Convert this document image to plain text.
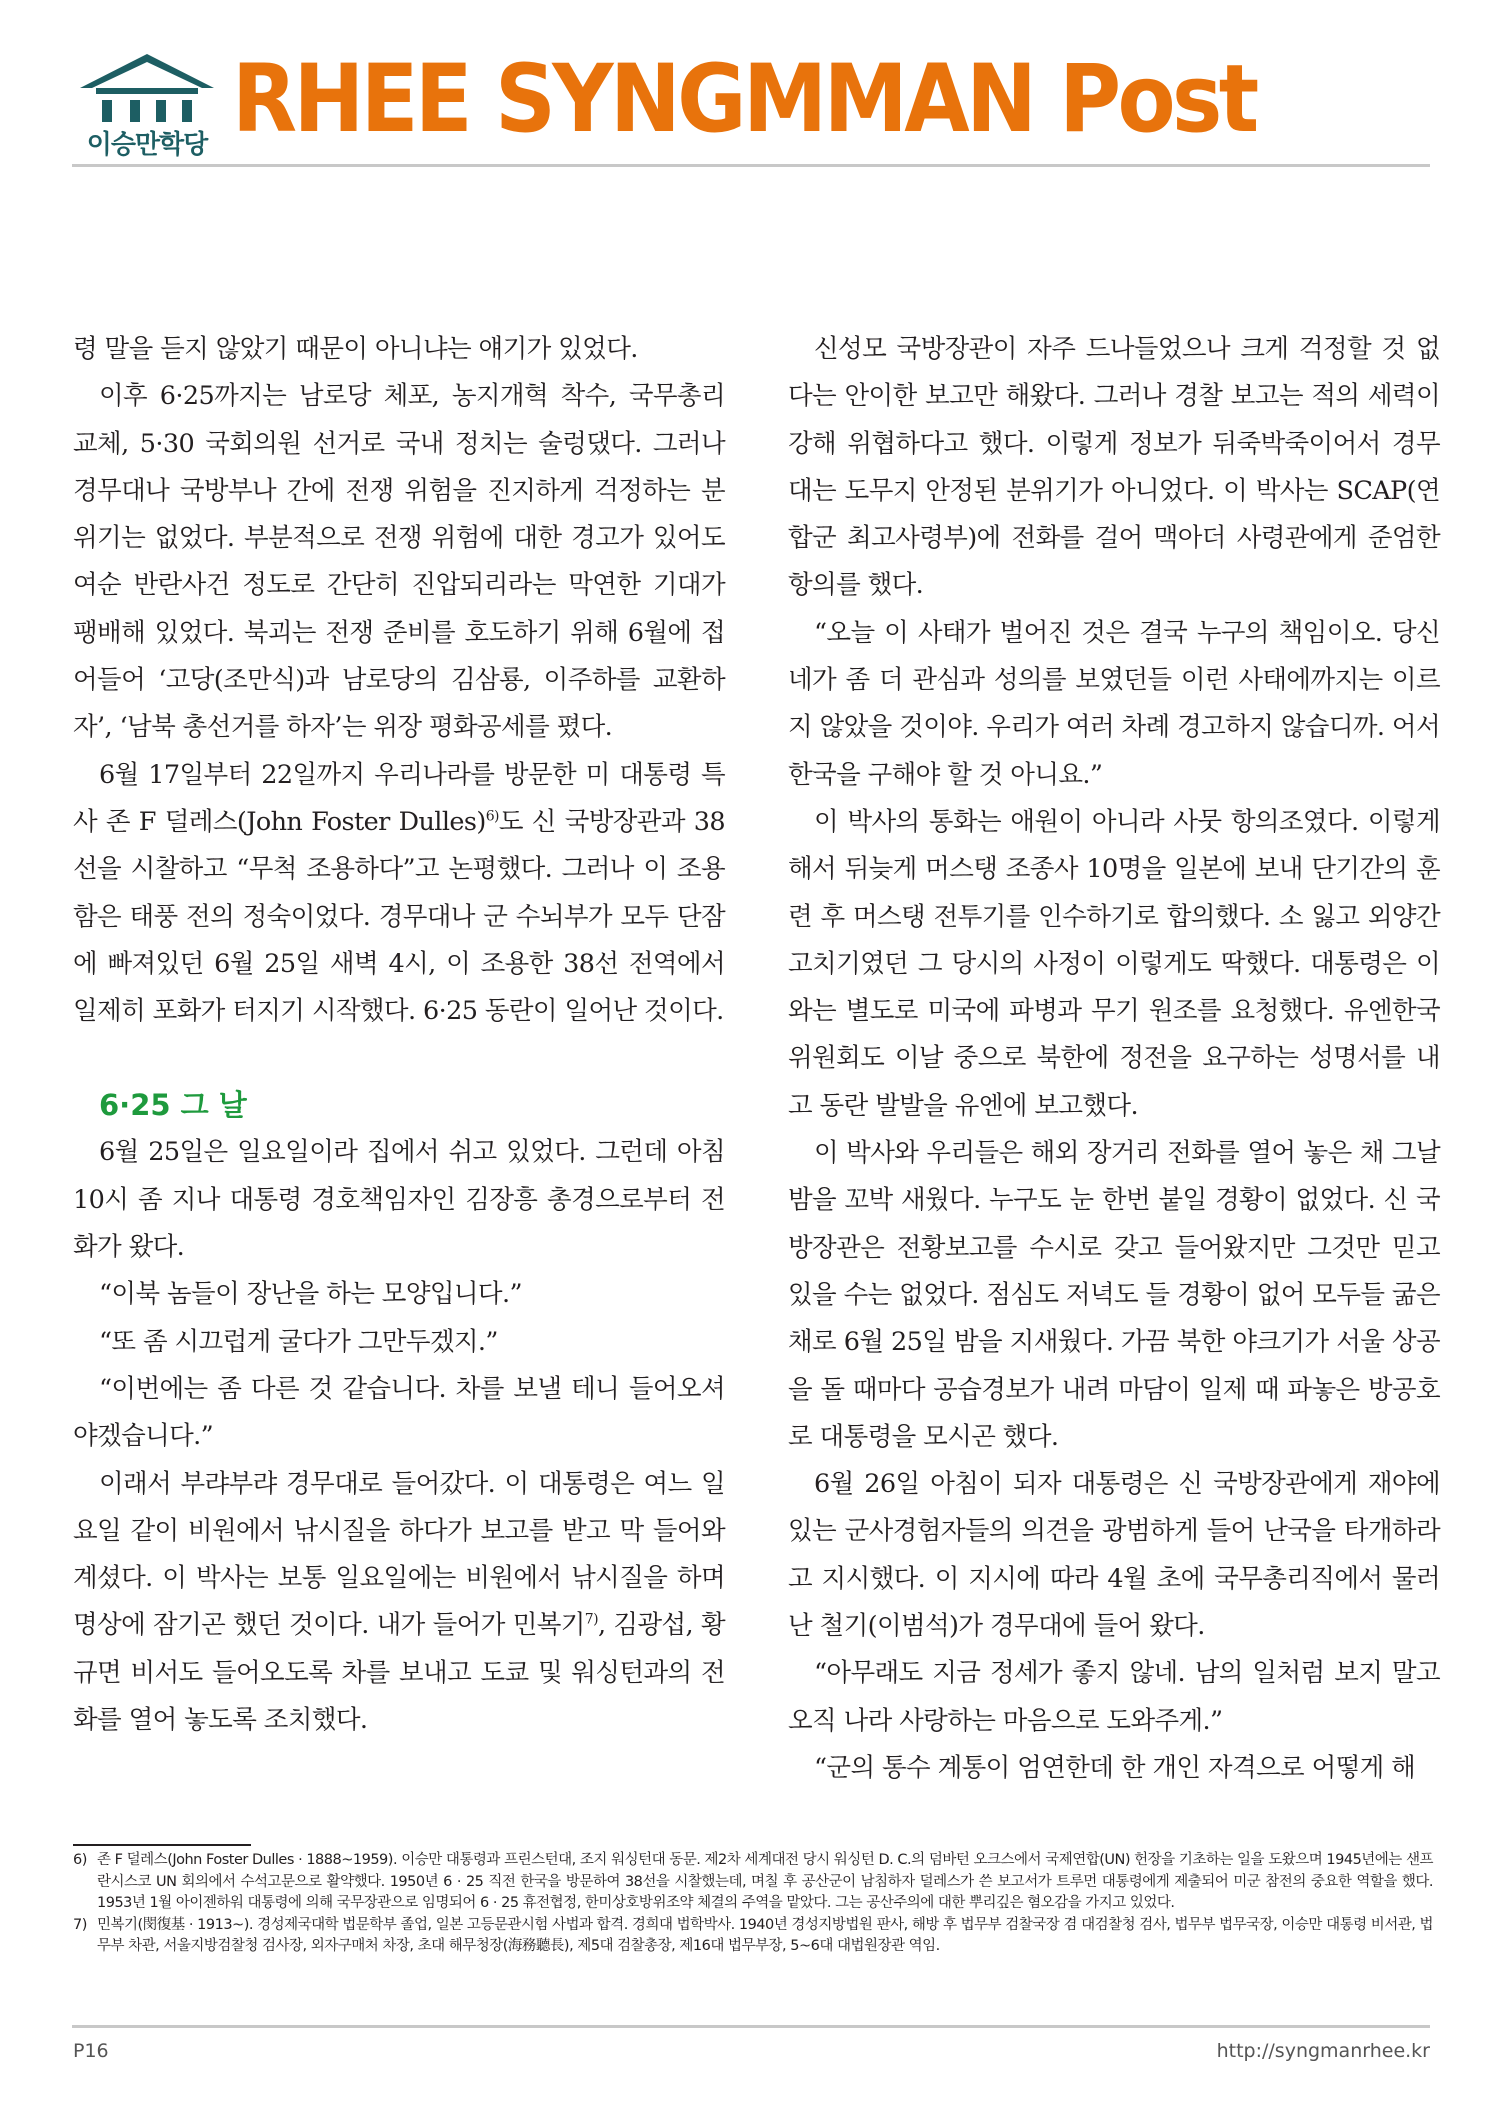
이승만학당 RHEE SYNGMMAN Post

령 말을 듣지 않았기 때문이 아니냐는 얘기가 있었다.

이후 6·25까지는 남로당 체포, 농지개혁 착수, 국무총리 교체, 5·30 국회의원 선거로 국내 정치는 술렁댔다. 그러나 경무대나 국방부나 간에 전쟁 위험을 진지하게 걱정하는 분위기는 없었다. 부분적으로 전쟁 위험에 대한 경고가 있어도 여순 반란사건 정도로 간단히 진압되리라는 막연한 기대가 팽배해 있었다. 북괴는 전쟁 준비를 호도하기 위해 6월에 접어들어 ‘고당(조만식)과 남로당의 김삼룡, 이주하를 교환하자’, ‘남북 총선거를 하자’는 위장 평화공세를 폈다.

6월 17일부터 22일까지 우리나라를 방문한 미 대통령 특사 존 F 덜레스(John Foster Dulles)$^{6)}$도 신 국방장관과 38선을 시찰하고 “무척 조용하다”고 논평했다. 그러나 이 조용함은 태풍 전의 정숙이었다. 경무대나 군 수뇌부가 모두 단잠에 빠져있던 6월 25일 새벽 4시, 이 조용한 38선 전역에서 일제히 포화가 터지기 시작했다. 6·25 동란이 일어난 것이다.

6·25 그 날

6월 25일은 일요일이라 집에서 쉬고 있었다. 그런데 아침 10시 좀 지나 대통령 경호책임자인 김장흥 총경으로부터 전화가 왔다.

“이북 놈들이 장난을 하는 모양입니다.”

“또 좀 시끄럽게 굴다가 그만두겠지.”

“이번에는 좀 다른 것 같습니다. 차를 보낼 테니 들어오셔야겠습니다.”

이래서 부랴부랴 경무대로 들어갔다. 이 대통령은 여느 일요일 같이 비원에서 낚시질을 하다가 보고를 받고 막 들어와 계셨다. 이 박사는 보통 일요일에는 비원에서 낚시질을 하며 명상에 잠기곤 했던 것이다. 내가 들어가 민복기$^{7)}$, 김광섭, 황규면 비서도 들어오도록 차를 보내고 도쿄 및 워싱턴과의 전화를 열어 놓도록 조치했다.

신성모 국방장관이 자주 드나들었으나 크게 걱정할 것 없다는 안이한 보고만 해왔다. 그러나 경찰 보고는 적의 세력이 강해 위협하다고 했다. 이렇게 정보가 뒤죽박죽이어서 경무대는 도무지 안정된 분위기가 아니었다. 이 박사는 SCAP(연합군 최고사령부)에 전화를 걸어 맥아더 사령관에게 준엄한 항의를 했다.

“오늘 이 사태가 벌어진 것은 결국 누구의 책임이오. 당신네가 좀 더 관심과 성의를 보였던들 이런 사태에까지는 이르지 않았을 것이야. 우리가 여러 차례 경고하지 않습디까. 어서 한국을 구해야 할 것 아니요.”

이 박사의 통화는 애원이 아니라 사뭇 항의조였다. 이렇게 해서 뒤늦게 머스탱 조종사 10명을 일본에 보내 단기간의 훈련 후 머스탱 전투기를 인수하기로 합의했다. 소 잃고 외양간 고치기였던 그 당시의 사정이 이렇게도 딱했다. 대통령은 이와는 별도로 미국에 파병과 무기 원조를 요청했다. 유엔한국위원회도 이날 중으로 북한에 정전을 요구하는 성명서를 내고 동란 발발을 유엔에 보고했다.

이 박사와 우리들은 해외 장거리 전화를 열어 놓은 채 그날 밤을 꼬박 새웠다. 누구도 눈 한번 붙일 경황이 없었다. 신 국방장관은 전황보고를 수시로 갖고 들어왔지만 그것만 믿고 있을 수는 없었다. 점심도 저녁도 들 경황이 없어 모두들 굶은 채로 6월 25일 밤을 지새웠다. 가끔 북한 야크기가 서울 상공을 돌 때마다 공습경보가 내려 마담이 일제 때 파놓은 방공호로 대통령을 모시곤 했다.

6월 26일 아침이 되자 대통령은 신 국방장관에게 재야에 있는 군사경험자들의 의견을 광범하게 들어 난국을 타개하라고 지시했다. 이 지시에 따라 4월 초에 국무총리직에서 물러난 철기(이범석)가 경무대에 들어 왔다.

“아무래도 지금 정세가 좋지 않네. 남의 일처럼 보지 말고 오직 나라 사랑하는 마음으로 도와주게.”

“군의 통수 계통이 엄연한데 한 개인 자격으로 어떻게 해

6) 존 F 덜레스(John Foster Dulles · 1888~1959). 이승만 대통령과 프린스턴대, 조지 워싱턴대 동문. 제2차 세계대전 당시 워싱턴 D. C.의 덤바턴 오크스에서 국제연합(UN) 헌장을 기초하는 일을 도왔으며 1945년에는 샌프란시스코 UN 회의에서 수석고문으로 활약했다. 1950년 6 · 25 직전 한국을 방문하여 38선을 시찰했는데, 며칠 후 공산군이 남침하자 덜레스가 쓴 보고서가 트루먼 대통령에게 제출되어 미군 참전의 중요한 역할을 했다. 1953년 1월 아이젠하워 대통령에 의해 국무장관으로 임명되어 6 · 25 휴전협정, 한미상호방위조약 체결의 주역을 맡았다. 그는 공산주의에 대한 뿌리깊은 혐오감을 가지고 있었다.
7) 민복기(閔復基 · 1913~). 경성제국대학 법문학부 졸업, 일본 고등문관시험 사법과 합격. 경희대 법학박사. 1940년 경성지방법원 판사, 해방 후 법무부 검찰국장 겸 대검찰청 검사, 법무부 법무국장, 이승만 대통령 비서관, 법무부 차관, 서울지방검찰청 검사장, 외자구매처 차장, 초대 해무청장(海務聽長), 제5대 검찰총장, 제16대 법무부장, 5~6대 대법원장관 역임.
P16	http://syngmanrhee.kr
